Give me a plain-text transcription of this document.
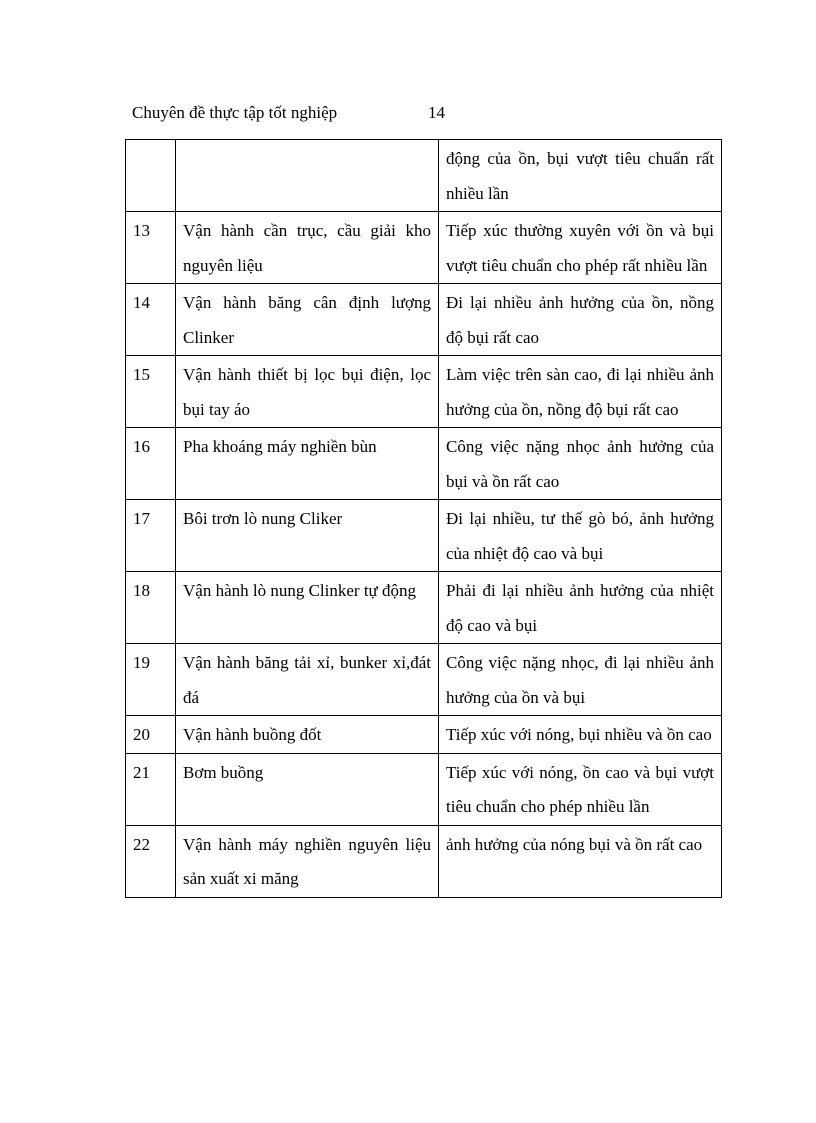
Chuyên đề thực tập tốt nghiệp	14
		động của ồn, bụi vượt tiêu chuẩn rất nhiều lần
13	Vận hành cần trục, cầu giải kho nguyên liệu	Tiếp xúc thường xuyên với ồn và bụi vượt tiêu chuẩn cho phép rất nhiều lần
14	Vận hành băng cân định lượng Clinker	Đi lại nhiều ảnh hưởng của ồn, nồng độ bụi rất cao
15	Vận hành thiết bị lọc bụi điện, lọc bụi tay áo	Làm việc trên sàn cao, đi lại nhiều ảnh hưởng của ồn, nồng độ bụi rất cao
16	Pha khoáng máy nghiền bùn	Công việc nặng nhọc ảnh hưởng của bụi và ồn rất cao
17	Bôi trơn lò nung Cliker	Đi lại nhiều, tư thế gò bó, ảnh hưởng của nhiệt độ cao và bụi
18	Vận hành lò nung Clinker tự động	Phải đi lại nhiều ảnh hưởng của nhiệt độ cao và bụi
19	Vận hành băng tải xỉ, bunker xỉ,đát đá	Công việc nặng nhọc, đi lại nhiều ảnh hưởng của ồn và bụi
20	Vận hành buồng đốt	Tiếp xúc với nóng, bụi nhiều và ồn cao
21	Bơm buồng	Tiếp xúc với nóng, ồn cao và bụi vượt tiêu chuẩn cho phép nhiều lần
22	Vận hành máy nghiền nguyên liệu sản xuất xi măng	ảnh hưởng của nóng bụi và ồn rất cao
